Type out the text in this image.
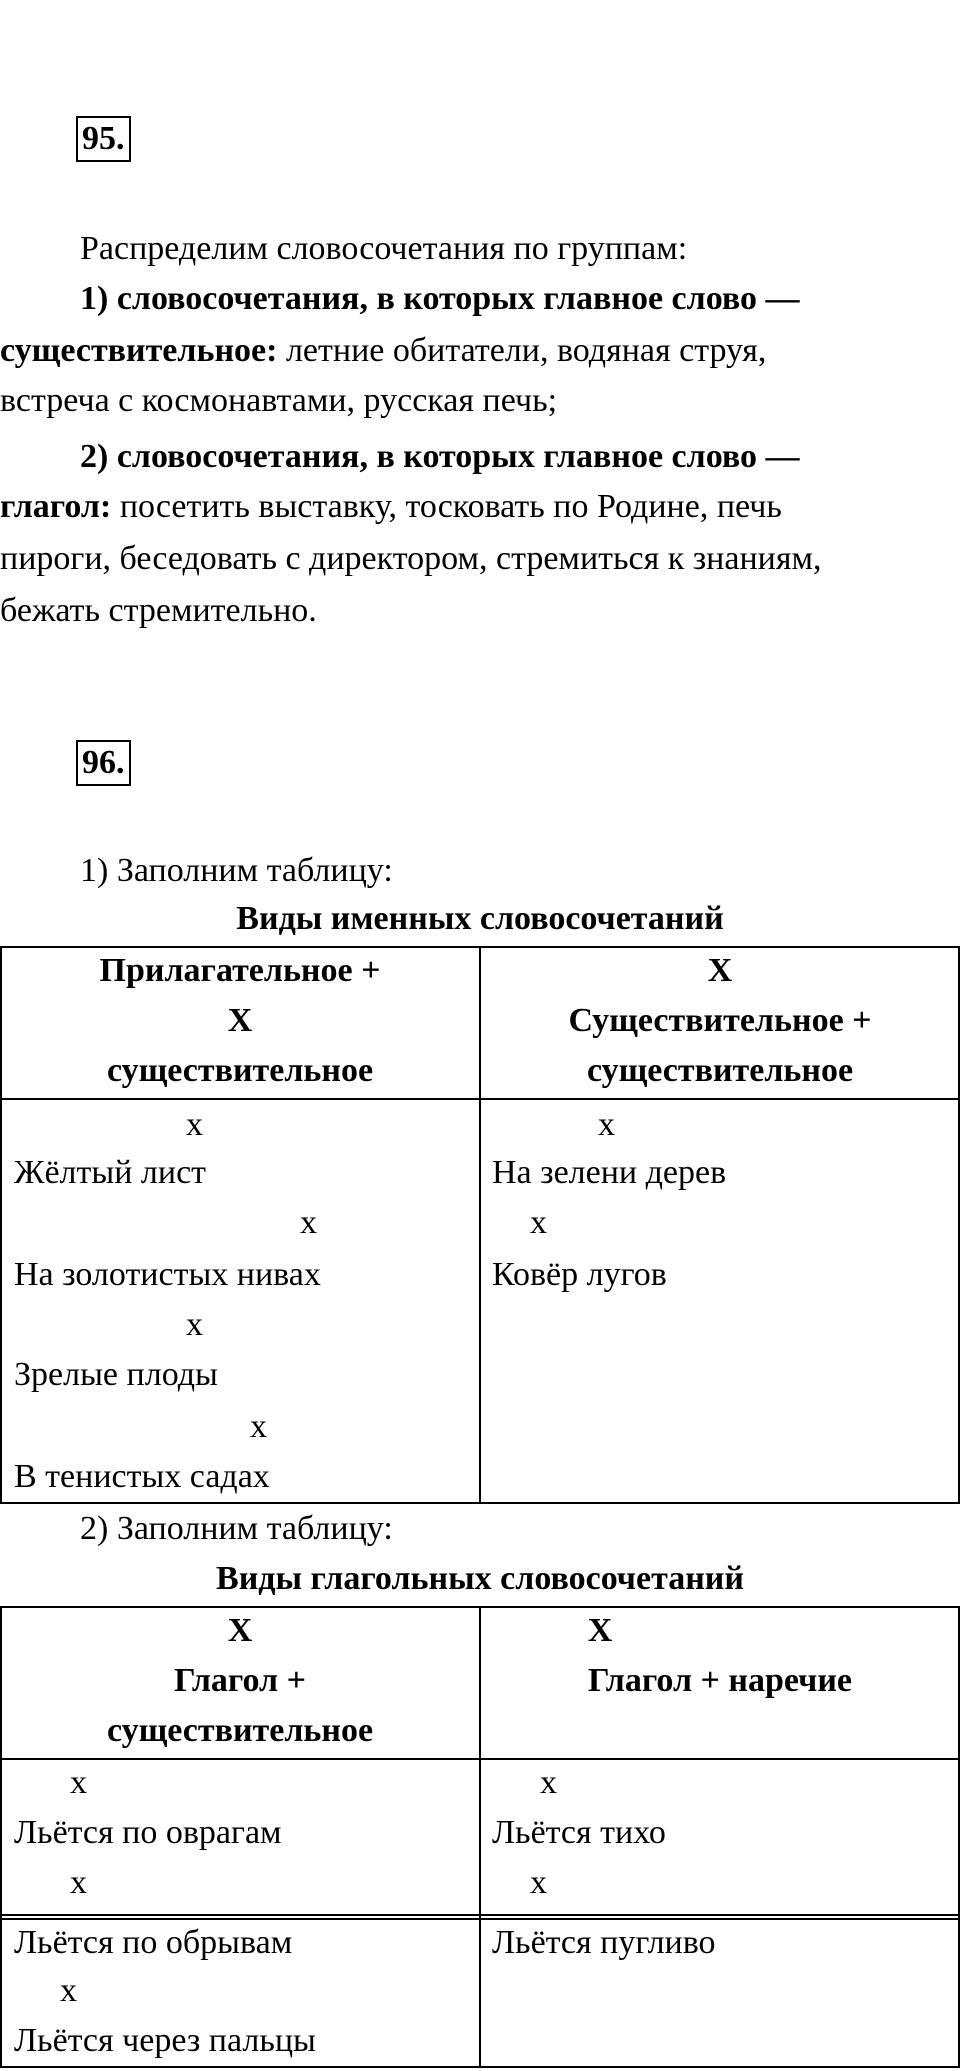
95.
Распределим словосочетания по группам:
1) словосочетания, в которых главное слово —
существительное: летние обитатели, водяная струя,
встреча с космонавтами, русская печь;
2) словосочетания, в которых главное слово —
глагол: посетить выставку, тосковать по Родине, печь
пироги, беседовать с директором, стремиться к знаниям,
бежать стремительно.
96.
1) Заполним таблицу:
Виды именных словосочетаний
Прилагательное +
X
существительное
X
Существительное +
существительное
x
Жёлтый лист
x
На золотистых нивах
x
Зрелые плоды
x
В тенистых садах
x
На зелени дерев
x
Ковёр лугов
2) Заполним таблицу:
Виды глагольных словосочетаний
X
Глагол +
существительное
X
Глагол + наречие
x
Льётся по оврагам
x
x
Льётся тихо
x
Льётся по обрывам
x
Льётся через пальцы
Льётся пугливо
